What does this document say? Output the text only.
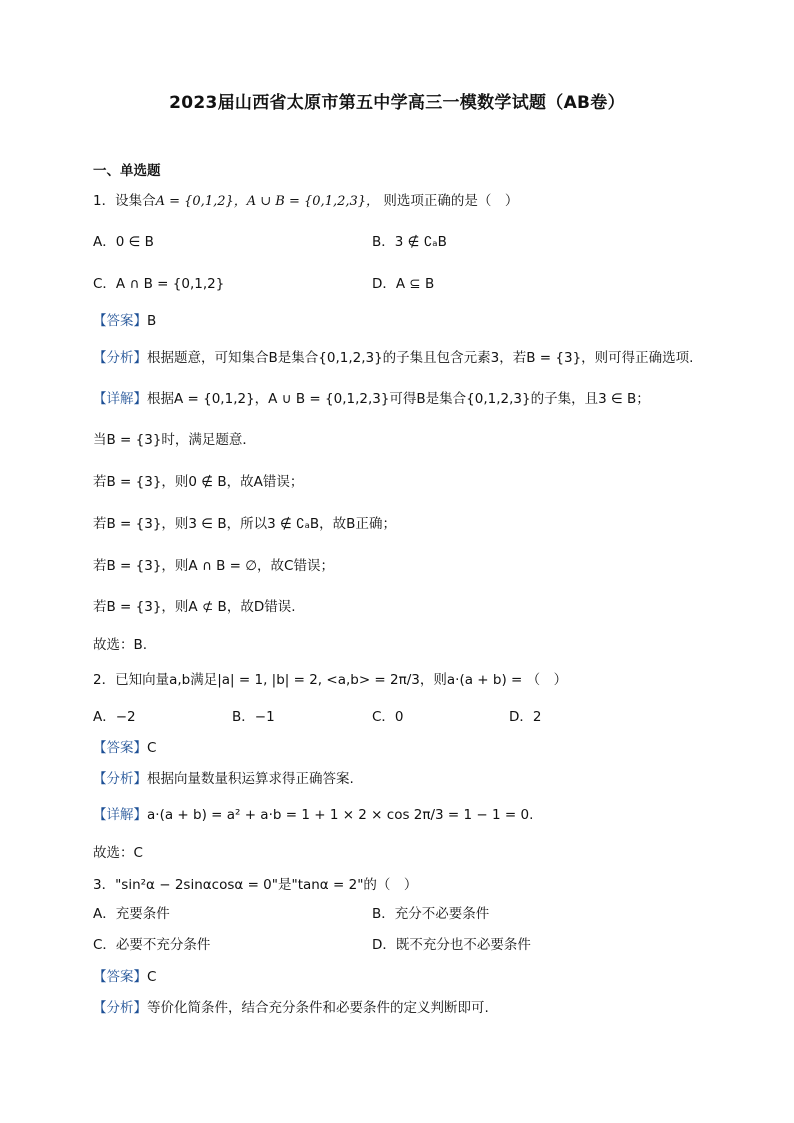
2023届山西省太原市第五中学高三一模数学试题（AB卷）
一、单选题
1．设集合A = {0,1,2}，A ∪ B = {0,1,2,3}， 则选项正确的是（　）
A．0 ∈ B	B．3 ∉ ∁ₐB
C．A ∩ B = {0,1,2}	D．A ⊆ B
【答案】B
【分析】根据题意，可知集合B是集合{0,1,2,3}的子集且包含元素3，若B = {3}，则可得正确选项.
【详解】根据A = {0,1,2}，A ∪ B = {0,1,2,3}可得B是集合{0,1,2,3}的子集，且3 ∈ B；
当B = {3}时，满足题意．
若B = {3}，则0 ∉ B，故A错误；
若B = {3}，则3 ∈ B，所以3 ∉ ∁ₐB，故B正确；
若B = {3}，则A ∩ B = ∅，故C错误；
若B = {3}，则A ⊄ B，故D错误.
故选：B.
2．已知向量a,b满足|a| = 1, |b| = 2, <a,b> = 2π/3，则a·(a + b) = （　）
A．−2	B．−1	C．0	D．2
【答案】C
【分析】根据向量数量积运算求得正确答案.
【详解】a·(a + b) = a² + a·b = 1 + 1 × 2 × cos 2π/3 = 1 − 1 = 0.
故选：C
3．"sin²α − 2sinαcosα = 0"是"tanα = 2"的（　）
A．充要条件	B．充分不必要条件
C．必要不充分条件	D．既不充分也不必要条件
【答案】C
【分析】等价化简条件，结合充分条件和必要条件的定义判断即可.
